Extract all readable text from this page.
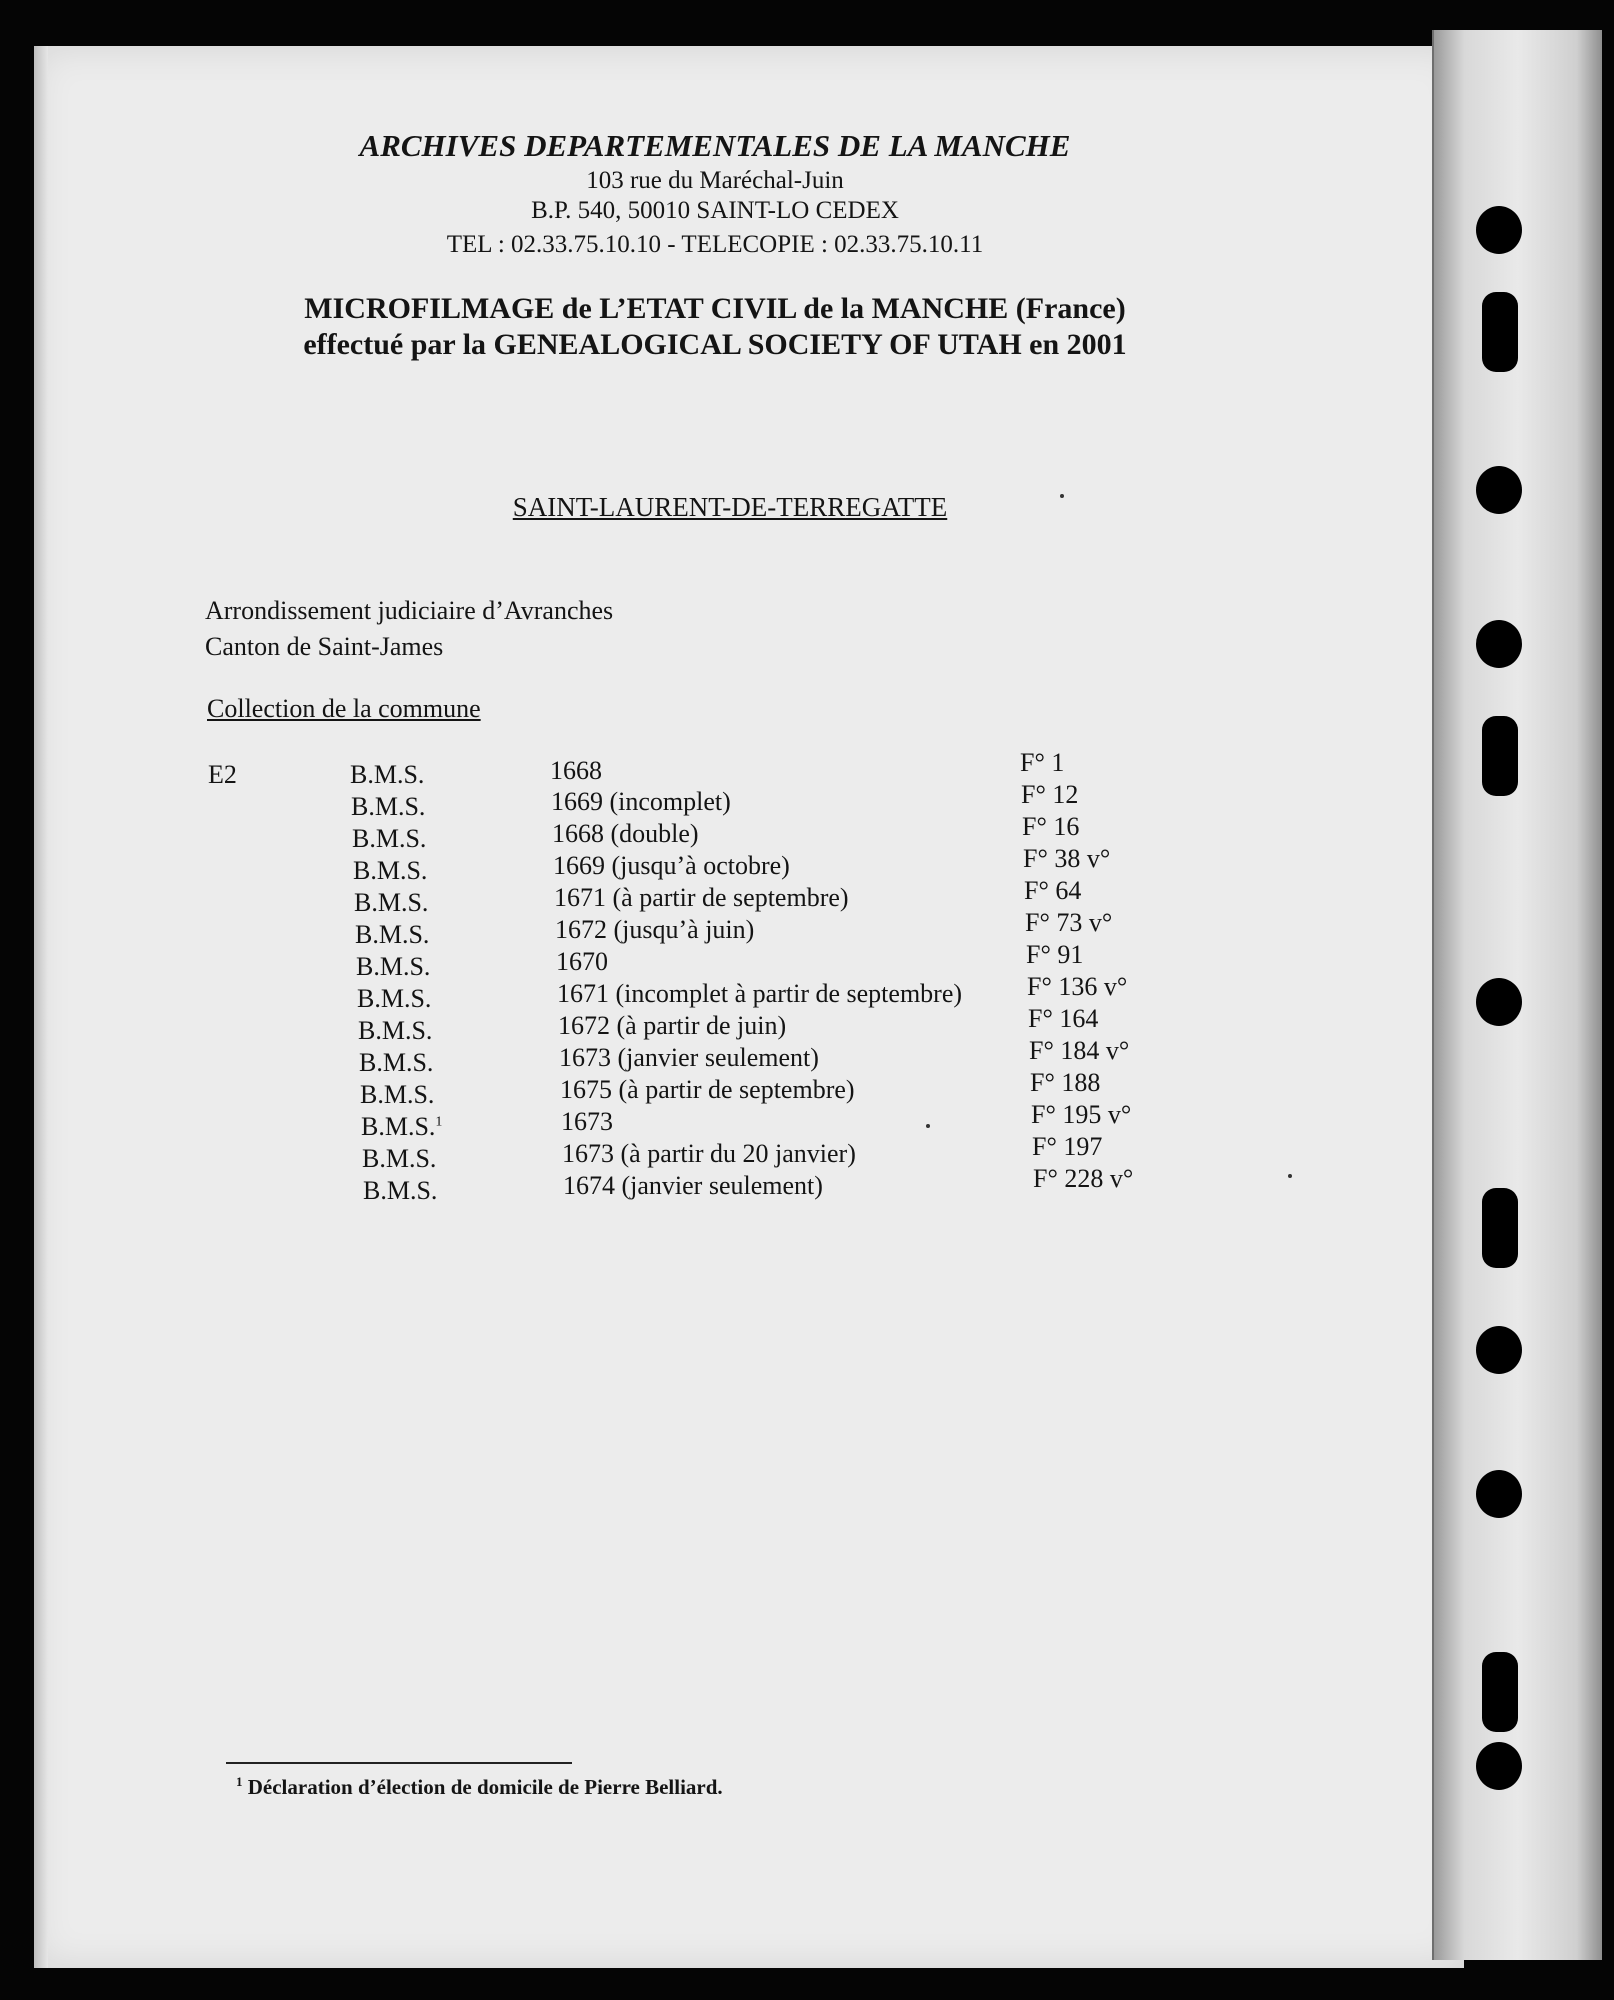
ARCHIVES DEPARTEMENTALES DE LA MANCHE
103 rue du Maréchal-Juin
B.P. 540, 50010 SAINT-LO CEDEX
TEL : 02.33.75.10.10 - TELECOPIE : 02.33.75.10.11
MICROFILMAGE de L’ETAT CIVIL de la MANCHE (France)
effectué par la GENEALOGICAL SOCIETY OF UTAH en 2001
SAINT-LAURENT-DE-TERREGATTE
Arrondissement judiciaire d’Avranches
Canton de Saint-James
Collection de la commune
E2	B.M.S.	1668	F° 1
B.M.S.	1669 (incomplet)	F° 12
B.M.S.	1668 (double)	F° 16
B.M.S.	1669 (jusqu’à octobre)	F° 38 v°
B.M.S.	1671 (à partir de septembre)	F° 64
B.M.S.	1672 (jusqu’à juin)	F° 73 v°
B.M.S.	1670	F° 91
B.M.S.	1671 (incomplet à partir de septembre) F° 136 v°
B.M.S.	1672 (à partir de juin)	F° 164
B.M.S.	1673 (janvier seulement)	F° 184 v°
B.M.S.	1675 (à partir de septembre)	F° 188
B.M.S.$^1$	1673	F° 195 v°
B.M.S.	1673 (à partir du 20 janvier)	F° 197
B.M.S.	1674 (janvier seulement)	F° 228 v°
$^1$ Déclaration d’élection de domicile de Pierre Belliard.
